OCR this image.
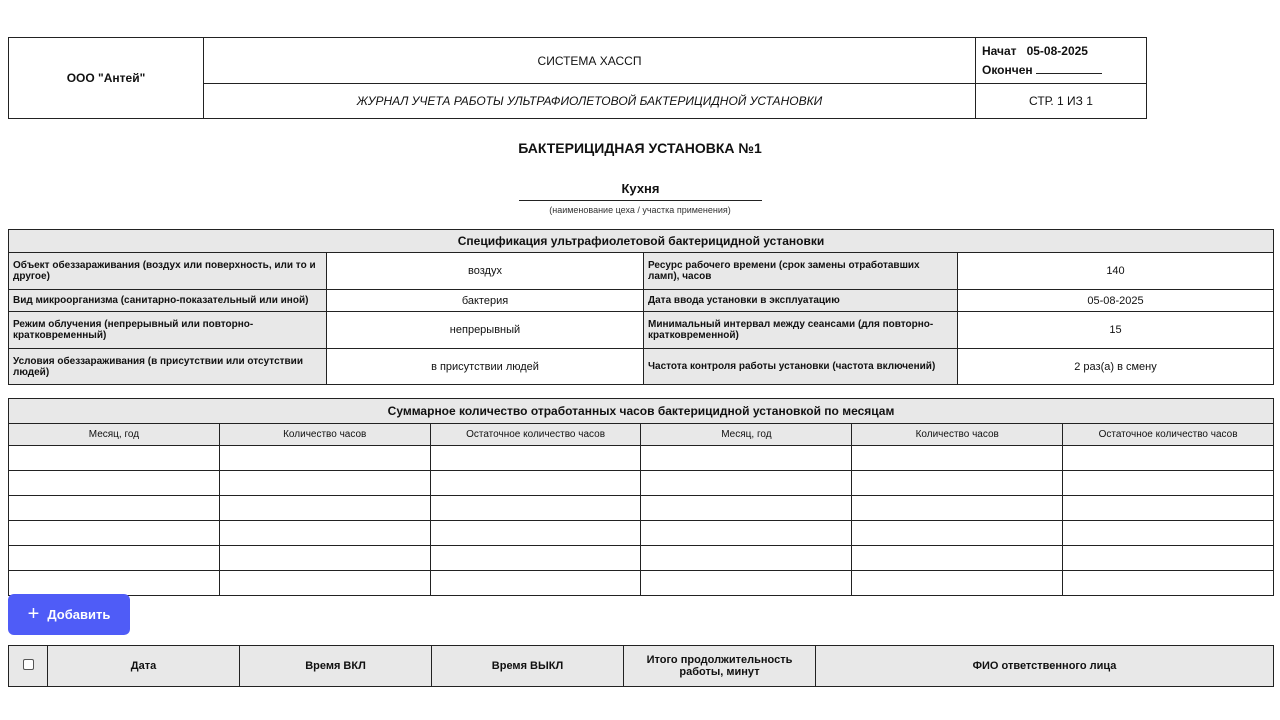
ООО "Антей"	СИСТЕМА ХАССП	Начат 05-08-2025
Окончен

	ЖУРНАЛ УЧЕТА РАБОТЫ УЛЬТРАФИОЛЕТОВОЙ БАКТЕРИЦИДНОЙ УСТАНОВКИ	СТР. 1 ИЗ 1
БАКТЕРИЦИДНАЯ УСТАНОВКА №1
Кухня
(наименование цеха / участка применения)
Спецификация ультрафиолетовой бактерицидной установки			
Объект обеззараживания (воздух или поверхность, или то и другое)	воздух	Ресурс рабочего времени (срок замены отработавших ламп), часов	140
Вид микроорганизма (санитарно-показательный или иной)	бактерия	Дата ввода установки в эксплуатацию	05-08-2025
Режим облучения (непрерывный или повторно-кратковременный)	непрерывный	Минимальный интервал между сеансами (для повторно-кратковременной)	15
Условия обеззараживания (в присутствии или отсутствии людей)	в присутствии людей	Частота контроля работы установки (частота включений)	2 раз(а) в смену
Суммарное количество отработанных часов бактерицидной установкой по месяцам					
Месяц, год	Количество часов	Остаточное количество часов	Месяц, год	Количество часов	Остаточное количество часов

+ Добавить
	Дата	Время ВКЛ	Время ВЫКЛ	Итого продолжительность работы, минут	ФИО ответственного лица
